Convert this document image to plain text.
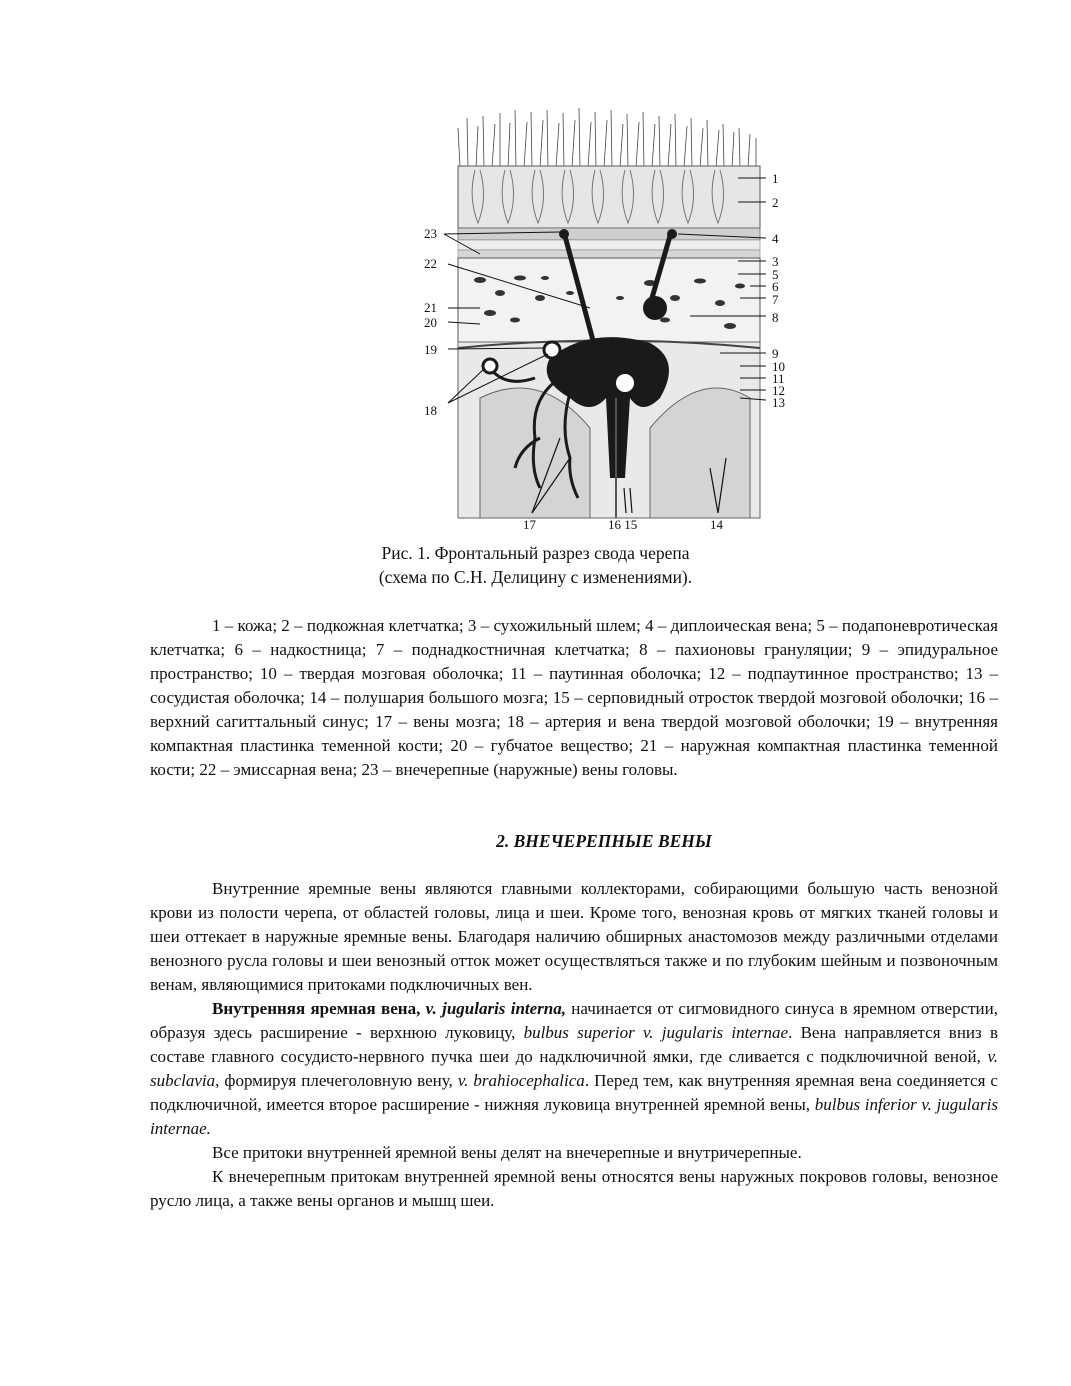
23
22
21
20
19
18
1
2
4
3
5
6
7
8
9
10
11
12
13
17	16 15	14
Рис. 1. Фронтальный разрез свода черепа
(схема по С.Н. Делицину с изменениями).
1 – кожа; 2 – подкожная клетчатка; 3 – сухожильный шлем; 4 – диплоическая вена; 5 – подапоневротическая клетчатка; 6 – надкостница; 7 – поднадкостничная клетчатка; 8 – пахионовы грануляции; 9 – эпидуральное пространство; 10 – твердая мозговая оболочка; 11 – паутинная оболочка; 12 – подпаутинное пространство; 13 – сосудистая оболочка; 14 – полушария большого мозга; 15 – серповидный отросток твердой мозговой оболочки; 16 – верхний сагиттальный синус; 17 – вены мозга; 18 – артерия и вена твердой мозговой оболочки; 19 – внутренняя компактная пластинка теменной кости; 20 – губчатое вещество; 21 – наружная компактная пластинка теменной кости; 22 – эмиссарная вена; 23 – внечерепные (наружные) вены головы.
2. ВНЕЧЕРЕПНЫЕ ВЕНЫ

Внутренние яремные вены являются главными коллекторами, собирающими большую часть венозной крови из полости черепа, от областей головы, лица и шеи. Кроме того, венозная кровь от мягких тканей головы и шеи оттекает в наружные яремные вены. Благодаря наличию обширных анастомозов между различными отделами венозного русла головы и шеи венозный отток может осуществляться также и по глубоким шейным и позвоночным венам, являющимися притоками подключичных вен.

Внутренняя яремная вена, v. jugularis interna, начинается от сигмовидного синуса в яремном отверстии, образуя здесь расширение - верхнюю луковицу, bulbus superior v. jugularis internae. Вена направляется вниз в составе главного сосудисто-нервного пучка шеи до надключичной ямки, где сливается с подключичной веной, v. subclavia, формируя плечеголовную вену, v. brahiocephalica. Перед тем, как внутренняя яремная вена соединяется с подключичной, имеется второе расширение - нижняя луковица внутренней яремной вены, bulbus inferior v. jugularis internae.

Все притоки внутренней яремной вены делят на внечерепные и внутричерепные.

К внечерепным притокам внутренней яремной вены относятся вены наружных покровов головы, венозное русло лица, а также вены органов и мышц шеи.
